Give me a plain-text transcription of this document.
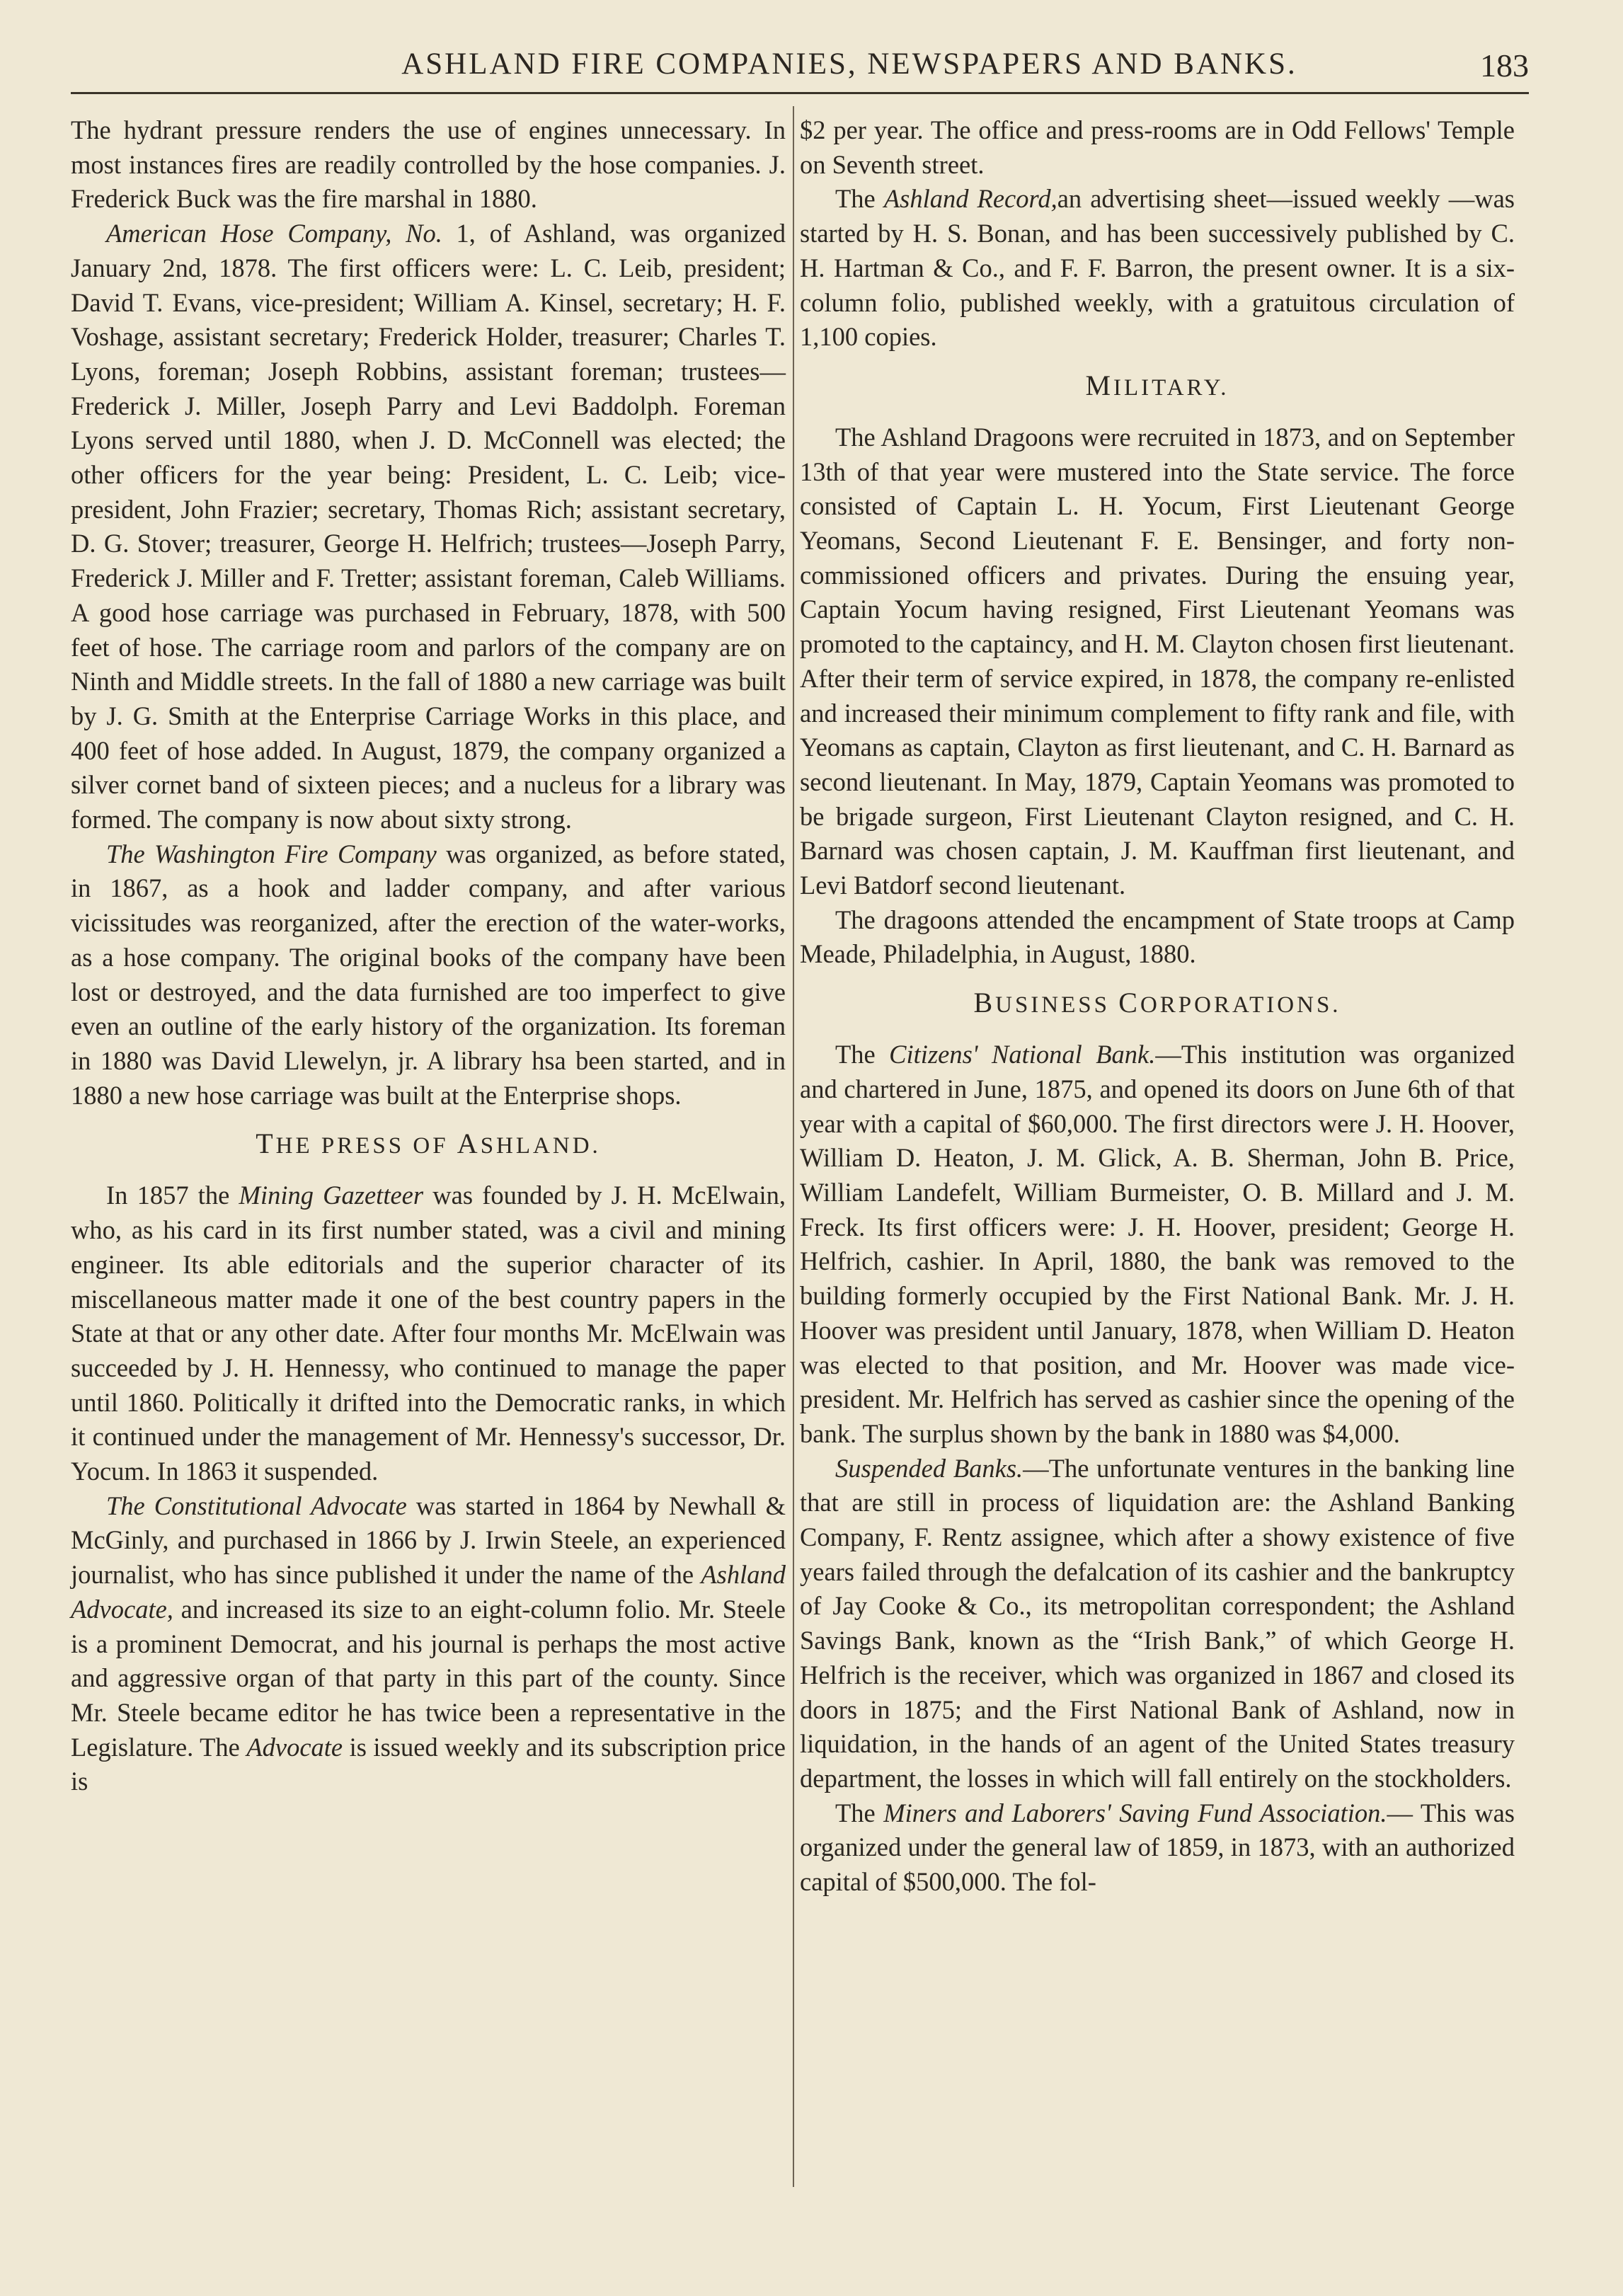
ASHLAND FIRE COMPANIES, NEWSPAPERS AND BANKS.	183

The hydrant pressure renders the use of engines unnecessary. In most instances fires are readily controlled by the hose companies. J. Frederick Buck was the fire marshal in 1880.

American Hose Company, No. 1, of Ashland, was organized January 2nd, 1878. The first officers were: L. C. Leib, president; David T. Evans, vice-president; William A. Kinsel, secretary; H. F. Voshage, assistant secretary; Frederick Holder, treasurer; Charles T. Lyons, foreman; Joseph Robbins, assistant foreman; trustees—Frederick J. Miller, Joseph Parry and Levi Baddolph. Foreman Lyons served until 1880, when J. D. McConnell was elected; the other officers for the year being: President, L. C. Leib; vice-president, John Frazier; secretary, Thomas Rich; assistant secretary, D. G. Stover; treasurer, George H. Helfrich; trustees—Joseph Parry, Frederick J. Miller and F. Tretter; assistant foreman, Caleb Williams. A good hose carriage was purchased in February, 1878, with 500 feet of hose. The carriage room and parlors of the company are on Ninth and Middle streets. In the fall of 1880 a new carriage was built by J. G. Smith at the Enterprise Carriage Works in this place, and 400 feet of hose added. In August, 1879, the company organized a silver cornet band of sixteen pieces; and a nucleus for a library was formed. The company is now about sixty strong.

The Washington Fire Company was organized, as before stated, in 1867, as a hook and ladder company, and after various vicissitudes was reorganized, after the erection of the water-works, as a hose company. The original books of the company have been lost or destroyed, and the data furnished are too imperfect to give even an outline of the early history of the organization. Its foreman in 1880 was David Llewelyn, jr. A library hsa been started, and in 1880 a new hose carriage was built at the Enterprise shops.

THE PRESS OF ASHLAND.

In 1857 the Mining Gazetteer was founded by J. H. McElwain, who, as his card in its first number stated, was a civil and mining engineer. Its able editorials and the superior character of its miscellaneous matter made it one of the best country papers in the State at that or any other date. After four months Mr. McElwain was succeeded by J. H. Hennessy, who continued to manage the paper until 1860. Politically it drifted into the Democratic ranks, in which it continued under the management of Mr. Hennessy's successor, Dr. Yocum. In 1863 it suspended.

The Constitutional Advocate was started in 1864 by Newhall & McGinly, and purchased in 1866 by J. Irwin Steele, an experienced journalist, who has since published it under the name of the Ashland Advocate, and increased its size to an eight-column folio. Mr. Steele is a prominent Democrat, and his journal is perhaps the most active and aggressive organ of that party in this part of the county. Since Mr. Steele became editor he has twice been a representative in the Legislature. The Advocate is issued weekly and its subscription price is

$2 per year. The office and press-rooms are in Odd Fellows' Temple on Seventh street.

The Ashland Record,an advertising sheet—issued weekly —was started by H. S. Bonan, and has been successively published by C. H. Hartman & Co., and F. F. Barron, the present owner. It is a six-column folio, published weekly, with a gratuitous circulation of 1,100 copies.

MILITARY.

The Ashland Dragoons were recruited in 1873, and on September 13th of that year were mustered into the State service. The force consisted of Captain L. H. Yocum, First Lieutenant George Yeomans, Second Lieutenant F. E. Bensinger, and forty non-commissioned officers and privates. During the ensuing year, Captain Yocum having resigned, First Lieutenant Yeomans was promoted to the captaincy, and H. M. Clayton chosen first lieutenant. After their term of service expired, in 1878, the company re-enlisted and increased their minimum complement to fifty rank and file, with Yeomans as captain, Clayton as first lieutenant, and C. H. Barnard as second lieutenant. In May, 1879, Captain Yeomans was promoted to be brigade surgeon, First Lieutenant Clayton resigned, and C. H. Barnard was chosen captain, J. M. Kauffman first lieutenant, and Levi Batdorf second lieutenant.

The dragoons attended the encampment of State troops at Camp Meade, Philadelphia, in August, 1880.

BUSINESS CORPORATIONS.

The Citizens' National Bank.—This institution was organized and chartered in June, 1875, and opened its doors on June 6th of that year with a capital of $60,000. The first directors were J. H. Hoover, William D. Heaton, J. M. Glick, A. B. Sherman, John B. Price, William Landefelt, William Burmeister, O. B. Millard and J. M. Freck. Its first officers were: J. H. Hoover, president; George H. Helfrich, cashier. In April, 1880, the bank was removed to the building formerly occupied by the First National Bank. Mr. J. H. Hoover was president until January, 1878, when William D. Heaton was elected to that position, and Mr. Hoover was made vice-president. Mr. Helfrich has served as cashier since the opening of the bank. The surplus shown by the bank in 1880 was $4,000.

Suspended Banks.—The unfortunate ventures in the banking line that are still in process of liquidation are: the Ashland Banking Company, F. Rentz assignee, which after a showy existence of five years failed through the defalcation of its cashier and the bankruptcy of Jay Cooke & Co., its metropolitan correspondent; the Ashland Savings Bank, known as the “Irish Bank,” of which George H. Helfrich is the receiver, which was organized in 1867 and closed its doors in 1875; and the First National Bank of Ashland, now in liquidation, in the hands of an agent of the United States treasury department, the losses in which will fall entirely on the stockholders.

The Miners and Laborers' Saving Fund Association.— This was organized under the general law of 1859, in 1873, with an authorized capital of $500,000. The fol-
